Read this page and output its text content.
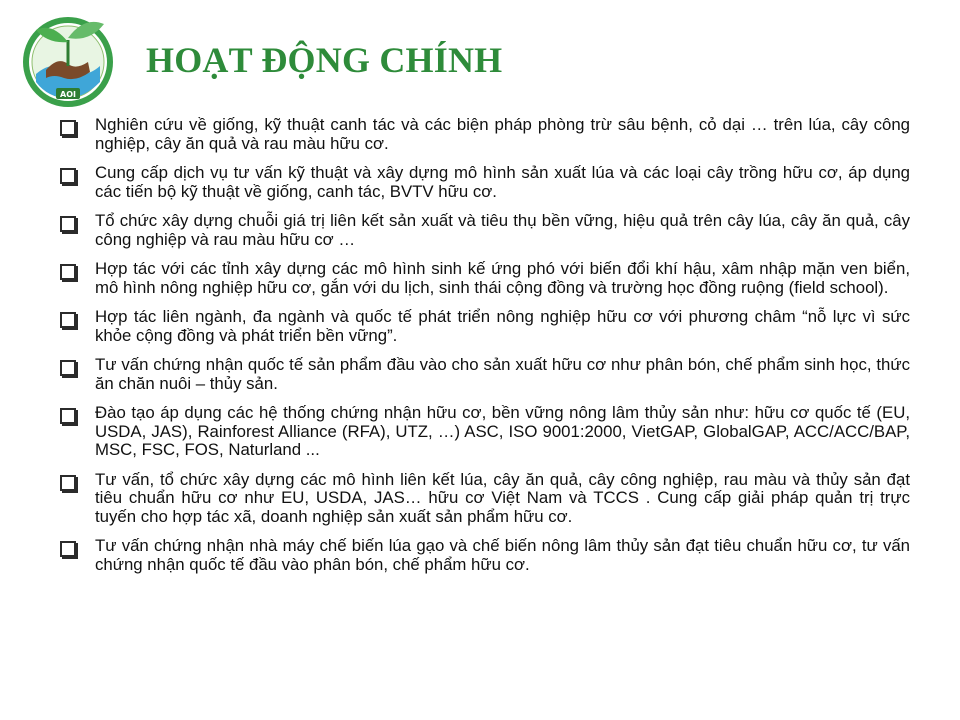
AOI
HOẠT ĐỘNG CHÍNH
Nghiên cứu về giống, kỹ thuật canh tác và các biện pháp phòng trừ sâu bệnh, cỏ dại … trên lúa, cây công nghiệp, cây ăn quả và rau màu hữu cơ.
Cung cấp dịch vụ tư vấn kỹ thuật và xây dựng mô hình sản xuất lúa và các loại cây trồng hữu cơ, áp dụng các tiến bộ kỹ thuật về giống, canh tác, BVTV hữu cơ.
Tổ chức xây dựng chuỗi giá trị liên kết sản xuất và tiêu thụ bền vững, hiệu quả trên cây lúa, cây ăn quả, cây công nghiệp và rau màu hữu cơ …
Hợp tác với các tỉnh xây dựng các mô hình sinh kế ứng phó với biến đổi khí hậu, xâm nhập mặn ven biển, mô hình nông nghiệp hữu cơ, gắn với du lịch, sinh thái cộng đồng và trường học đồng ruộng (field school).
Hợp tác liên ngành, đa ngành và quốc tế phát triển nông nghiệp hữu cơ với phương châm “nỗ lực vì sức khỏe cộng đồng và phát triển bền vững”.
Tư vấn chứng nhận quốc tế sản phẩm đầu vào cho sản xuất hữu cơ như phân bón, chế phẩm sinh học, thức ăn chăn nuôi – thủy sản.
Đào tạo áp dụng các hệ thống chứng nhận hữu cơ, bền vững nông lâm thủy sản như: hữu cơ quốc tế (EU, USDA, JAS), Rainforest Alliance (RFA), UTZ, …) ASC, ISO 9001:2000, VietGAP, GlobalGAP, ACC/ACC/BAP, MSC, FSC, FOS, Naturland ...
Tư vấn, tổ chức xây dựng các mô hình liên kết lúa, cây ăn quả, cây công nghiệp, rau màu và thủy sản đạt tiêu chuẩn hữu cơ như EU, USDA, JAS… hữu cơ Việt Nam và TCCS . Cung cấp giải pháp quản trị trực tuyến cho hợp tác xã, doanh nghiệp sản xuất sản phẩm hữu cơ.
Tư vấn chứng nhận nhà máy chế biến lúa gạo và chế biến nông lâm thủy sản đạt tiêu chuẩn hữu cơ, tư vấn chứng nhận quốc tế đầu vào phân bón, chế phẩm hữu cơ.
